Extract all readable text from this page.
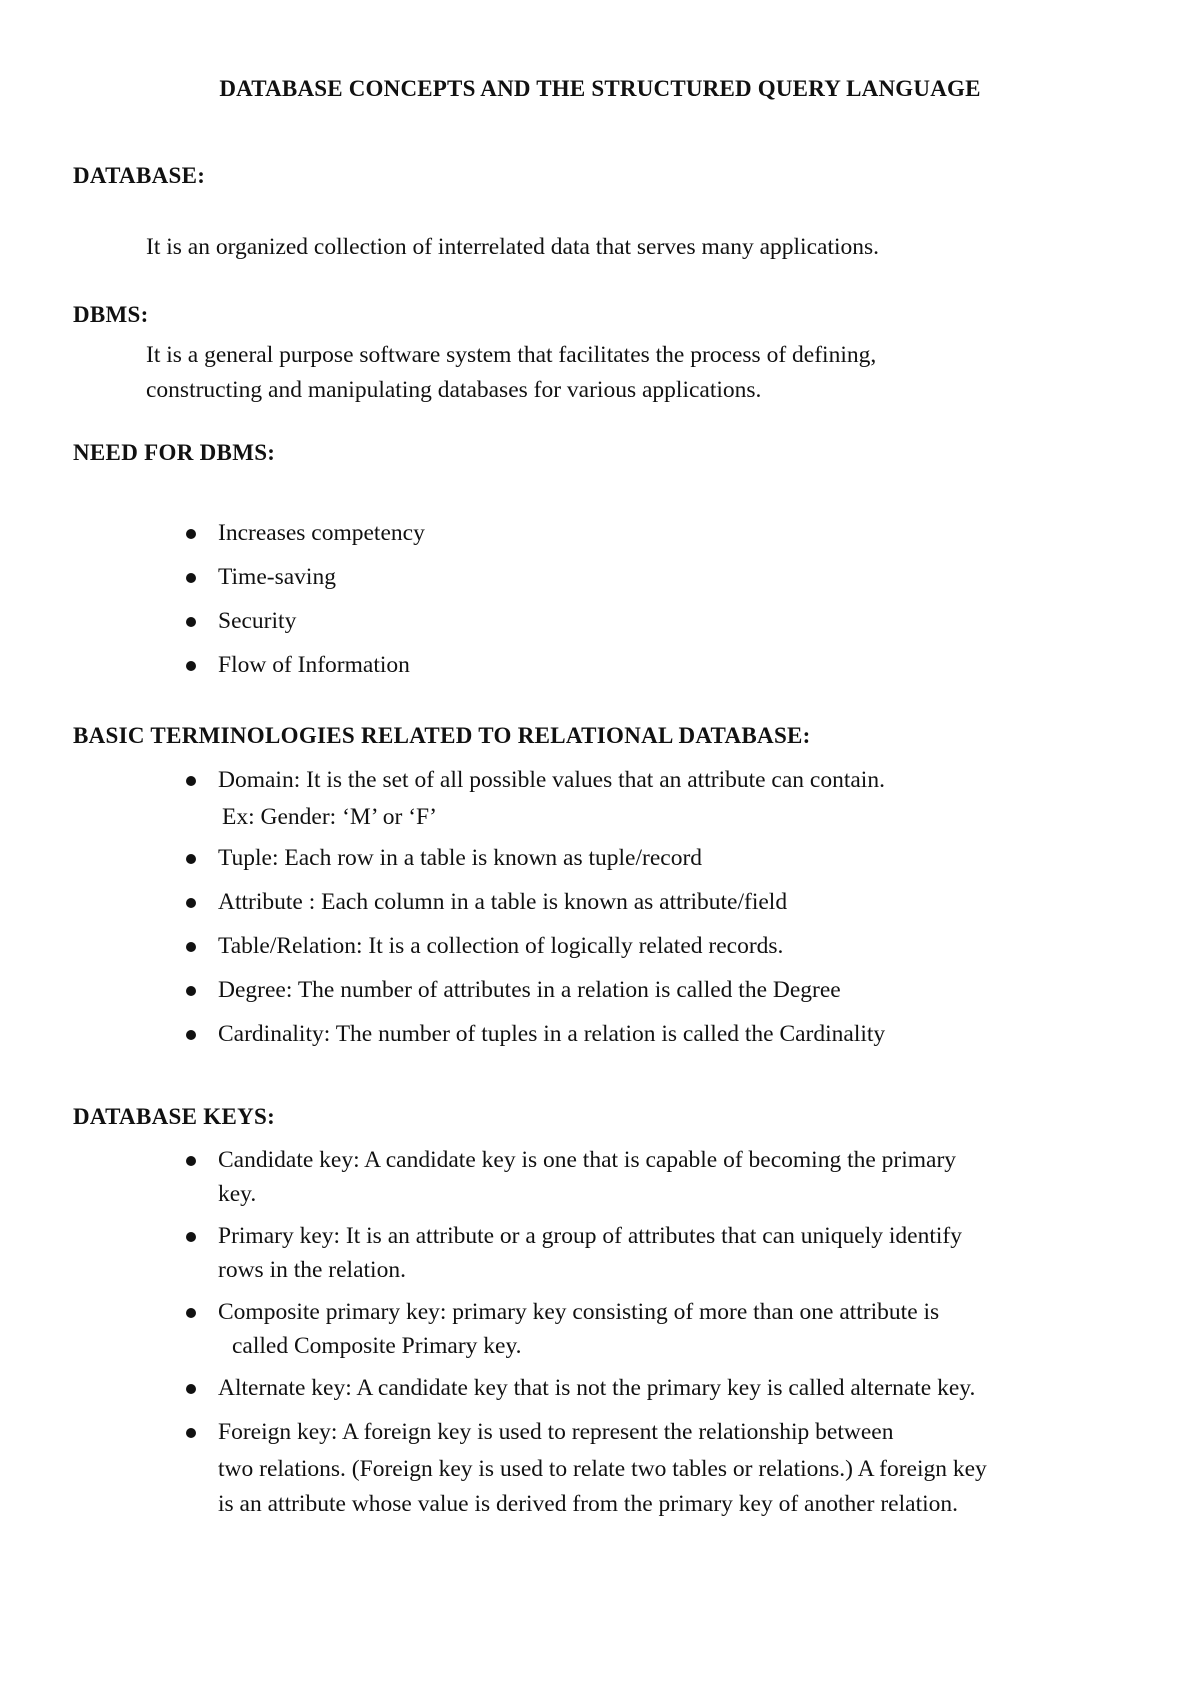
DATABASE CONCEPTS AND THE STRUCTURED QUERY LANGUAGE
DATABASE:
It is an organized collection of interrelated data that serves many applications.
DBMS:
It is a general purpose software system that facilitates the process of defining,
constructing and manipulating databases for various applications.
NEED FOR DBMS:
Increases competency
Time-saving
Security
Flow of Information
BASIC TERMINOLOGIES RELATED TO RELATIONAL DATABASE:
Domain: It is the set of all possible values that an attribute can contain.
Ex: Gender: ‘M’ or ‘F’
Tuple: Each row in a table is known as tuple/record
Attribute : Each column in a table is known as attribute/field
Table/Relation: It is a collection of logically related records.
Degree: The number of attributes in a relation is called the Degree
Cardinality: The number of tuples in a relation is called the Cardinality
DATABASE KEYS:
Candidate key: A candidate key is one that is capable of becoming the primary
key.
Primary key: It is an attribute or a group of attributes that can uniquely identify
rows in the relation.
Composite primary key: primary key consisting of more than one attribute is
called Composite Primary key.
Alternate key: A candidate key that is not the primary key is called alternate key.
Foreign key: A foreign key is used to represent the relationship between
two relations. (Foreign key is used to relate two tables or relations.) A foreign key
is an attribute whose value is derived from the primary key of another relation.
